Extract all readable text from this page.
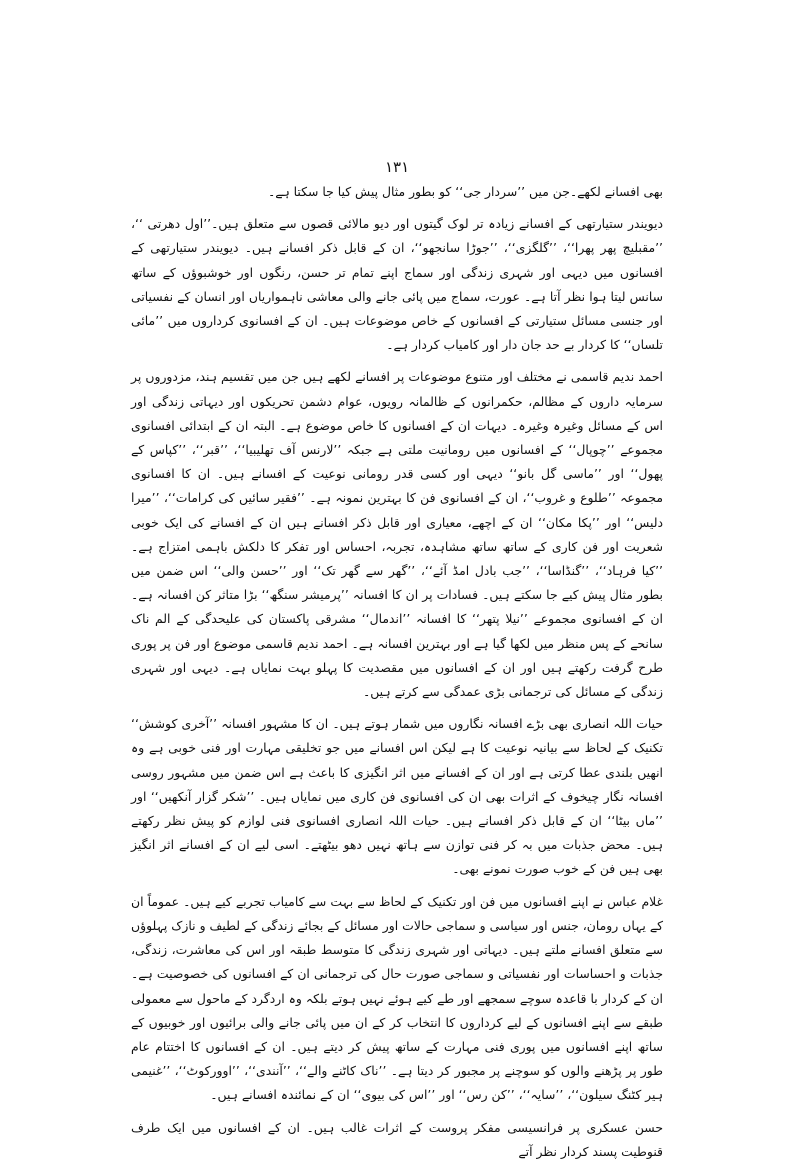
۱۳۱

بھی افسانے لکھے۔جن میں ’’سردار جی‘‘ کو بطور مثال پیش کیا جا سکتا ہے۔

دیویندر ستیارتھی کے افسانے زیادہ تر لوک گیتوں اور دیو مالائی قصوں سے متعلق ہیں۔’’اول دھرتی ‘‘، ’’مقبلیچ پھر پھرا‘‘، ’’گلگزی‘‘، ’’جوڑا سانجھو‘‘، ان کے قابل ذکر افسانے ہیں۔ دیویندر ستیارتھی کے افسانوں میں دیہی اور شہری زندگی اور سماج اپنے تمام تر حسن، رنگوں اور خوشبوؤں کے ساتھ سانس لیتا ہوا نظر آتا ہے۔ عورت، سماج میں پائی جانے والی معاشی ناہمواریاں اور انسان کے نفسیاتی اور جنسی مسائل ستیارتی کے افسانوں کے خاص موضوعات ہیں۔ ان کے افسانوی کرداروں میں ’’مائی تلساں‘‘ کا کردار بے حد جان دار اور کامیاب کردار ہے۔

احمد ندیم قاسمی نے مختلف اور متنوع موضوعات پر افسانے لکھے ہیں جن میں تقسیم ہند، مزدوروں پر سرمایہ داروں کے مظالم، حکمرانوں کے ظالمانہ رویوں، عوام دشمن تحریکوں اور دیہاتی زندگی اور اس کے مسائل وغیرہ وغیرہ۔ دیہات ان کے افسانوں کا خاص موضوع ہے۔ البتہ ان کے ابتدائی افسانوی مجموعے ’’چوپال‘‘ کے افسانوں میں رومانیت ملتی ہے جبکہ ’’لارنس آف تھلیبیا‘‘، ’’قبر‘‘، ’’کپاس کے پھول‘‘ اور ’’ماسی گل بانو‘‘ دیہی اور کسی قدر رومانی نوعیت کے افسانے ہیں۔ ان کا افسانوی مجموعہ ’’طلوع و غروب‘‘، ان کے افسانوی فن کا بہترین نمونہ ہے۔ ’’فقیر سائیں کی کرامات‘‘، ’’میرا دلیس‘‘ اور ’’پکا مکان‘‘ ان کے اچھے، معیاری اور قابل ذکر افسانے ہیں ان کے افسانے کی ایک خوبی شعریت اور فن کاری کے ساتھ ساتھ مشاہدہ، تجربہ، احساس اور تفکر کا دلکش باہمی امتزاج ہے۔ ’’کیا فرہاد‘‘، ’’گنڈاسا‘‘، ’’جب بادل امڈ آئے‘‘، ’’گھر سے گھر تک‘‘ اور ’’حسن والی‘‘ اس ضمن میں بطور مثال پیش کیے جا سکتے ہیں۔ فسادات پر ان کا افسانہ ’’پرمیشر سنگھ‘‘ بڑا متاثر کن افسانہ ہے۔ ان کے افسانوی مجموعے ’’نیلا پتھر‘‘ کا افسانہ ’’اندمال‘‘ مشرقی پاکستان کی علیحدگی کے الم ناک سانحے کے پس منظر میں لکھا گیا ہے اور بہترین افسانہ ہے۔ احمد ندیم قاسمی موضوع اور فن پر پوری طرح گرفت رکھتے ہیں اور ان کے افسانوں میں مقصدیت کا پہلو بہت نمایاں ہے۔ دیہی اور شہری زندگی کے مسائل کی ترجمانی بڑی عمدگی سے کرتے ہیں۔

حیات اللہ انصاری بھی بڑے افسانہ نگاروں میں شمار ہوتے ہیں۔ ان کا مشہور افسانہ ’’آخری کوشش‘‘ تکنیک کے لحاظ سے بیانیہ نوعیت کا ہے لیکن اس افسانے میں جو تخلیقی مہارت اور فنی خوبی ہے وہ انھیں بلندی عطا کرتی ہے اور ان کے افسانے میں اثر انگیزی کا باعث ہے اس ضمن میں مشہور روسی افسانہ نگار چیخوف کے اثرات بھی ان کی افسانوی فن کاری میں نمایاں ہیں۔ ’’شکر گزار آنکھیں‘‘ اور ’’ماں بیٹا‘‘ ان کے قابل ذکر افسانے ہیں۔ حیات اللہ انصاری افسانوی فنی لوازم کو پیش نظر رکھتے ہیں۔ محض جذبات میں بہ کر فنی توازن سے ہاتھ نہیں دھو بیٹھتے۔ اسی لیے ان کے افسانے اثر انگیز بھی ہیں فن کے خوب صورت نمونے بھی۔

غلام عباس نے اپنے افسانوں میں فن اور تکنیک کے لحاظ سے بہت سے کامیاب تجربے کیے ہیں۔ عموماً ان کے یہاں رومان، جنس اور سیاسی و سماجی حالات اور مسائل کے بجائے زندگی کے لطیف و نازک پہلوؤں سے متعلق افسانے ملتے ہیں۔ دیہاتی اور شہری زندگی کا متوسط طبقہ اور اس کی معاشرت، زندگی، جذبات و احساسات اور نفسیاتی و سماجی صورت حال کی ترجمانی ان کے افسانوں کی خصوصیت ہے۔ ان کے کردار با قاعدہ سوچے سمجھے اور طے کیے ہوئے نہیں ہوتے بلکہ وہ اردگرد کے ماحول سے معمولی طبقے سے اپنے افسانوں کے لیے کرداروں کا انتخاب کر کے ان میں پائی جانے والی برائیوں اور خوبیوں کے ساتھ اپنے افسانوں میں پوری فنی مہارت کے ساتھ پیش کر دیتے ہیں۔ ان کے افسانوں کا اختتام عام طور پر پڑھنے والوں کو سوچنے پر مجبور کر دیتا ہے۔ ’’ناک کاٹنے والے‘‘، ’’آنندی‘‘، ’’اوورکوٹ‘‘، ’’غنیمی ہیر کٹنگ سیلون‘‘، ’’سایہ‘‘، ’’کن رس‘‘ اور ’’اس کی بیوی‘‘ ان کے نمائندہ افسانے ہیں۔

حسن عسکری پر فرانسیسی مفکر پروست کے اثرات غالب ہیں۔ ان کے افسانوں میں ایک طرف قنوطیت پسند کردار نظر آتے
